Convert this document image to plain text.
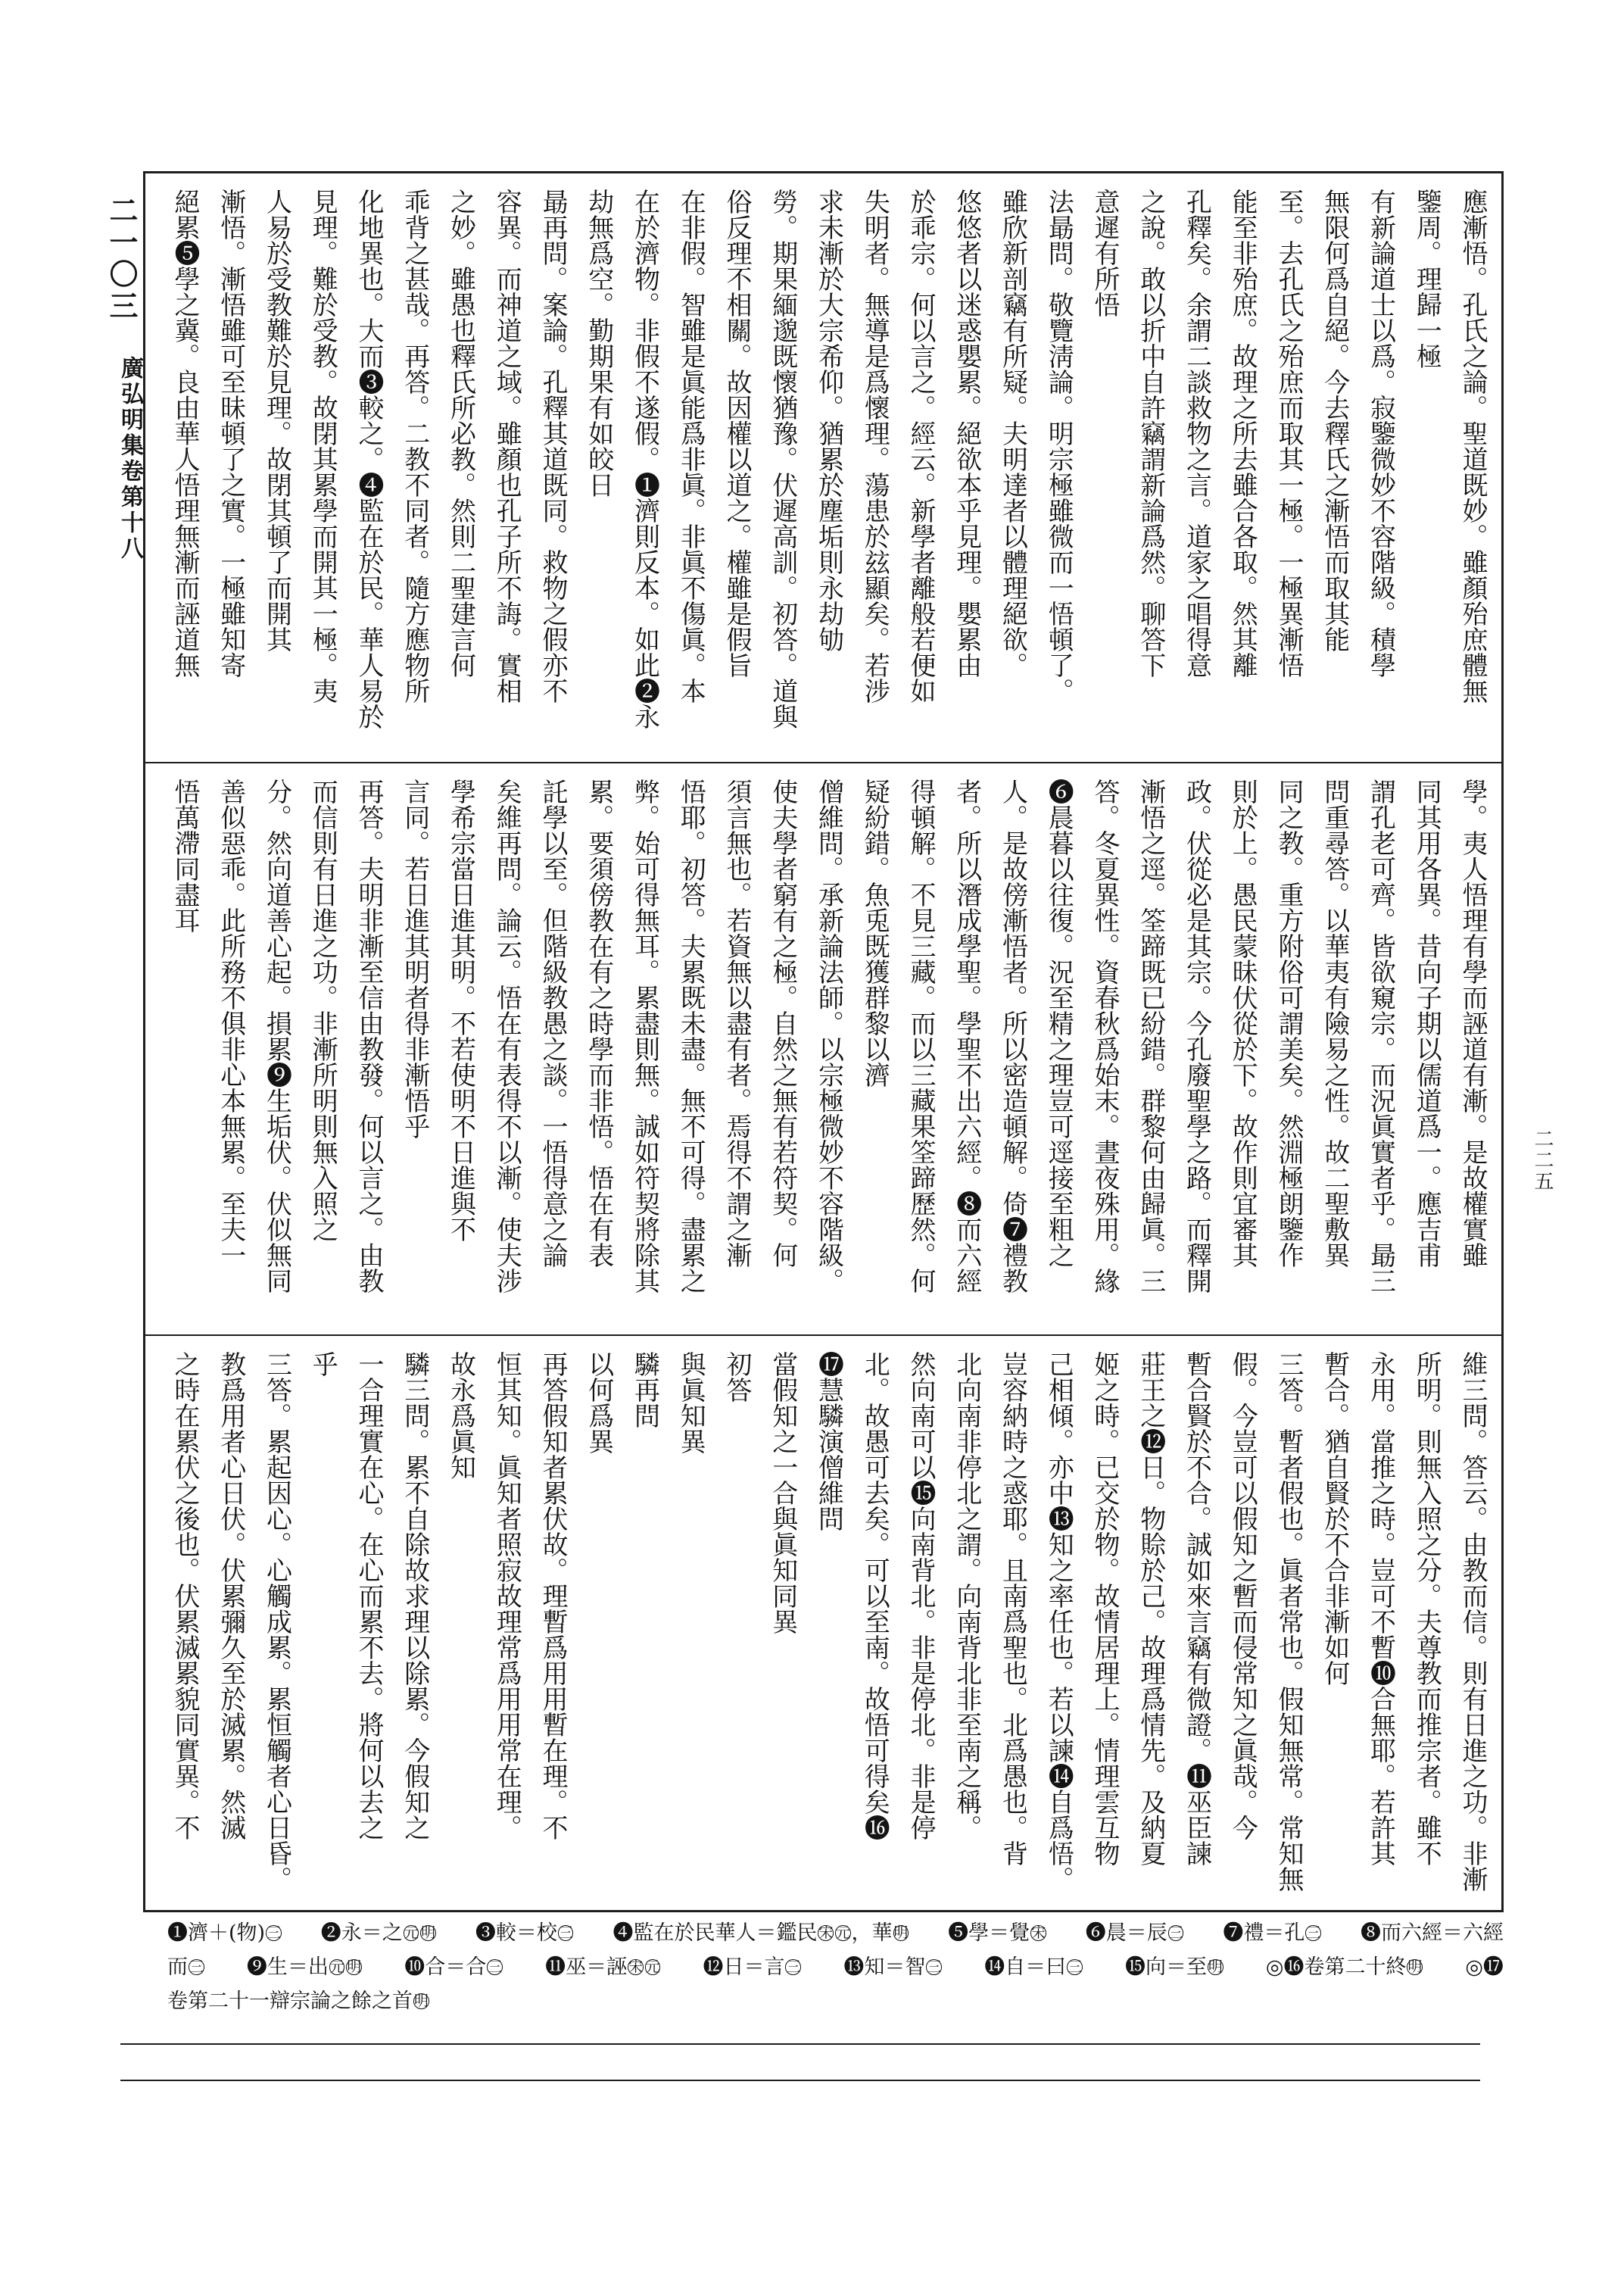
二一〇三
廣弘明集卷第十八
二二五
應漸悟。孔氏之論。聖道既妙。雖顏殆庶體無
鑒周。理歸一極
有新論道士以爲。寂鑒微妙不容階級。積學
無限何爲自絕。今去釋氏之漸悟而取其能
至。去孔氏之殆庶而取其一極。一極異漸悟
能至非殆庶。故理之所去雖合各取。然其離
孔釋矣。余謂二談救物之言。道家之唱得意
之說。敢以折中自許竊謂新論爲然。聊答下
意遲有所悟
法朂問。敬覽淸論。明宗極雖微而一悟頓了。
雖欣新剖竊有所疑。夫明達者以體理絕欲。
悠悠者以迷惑嬰累。絕欲本乎見理。嬰累由
於乖宗。何以言之。經云。新學者離般若便如
失明者。無導是爲懷理。蕩患於玆顯矣。若涉
求未漸於大宗希仰。猶累於塵垢則永劫劬
勞。期果緬邈既懷猶豫。伏遲高訓。初答。道與
俗反理不相關。故因權以道之。權雖是假旨
在非假。智雖是眞能爲非眞。非眞不傷眞。本
在於濟物。非假不遂假。❶濟則反本。如此❷永
劫無爲空。勤期果有如皎日
朂再問。案論。孔釋其道既同。救物之假亦不
容異。而神道之域。雖顏也孔子所不誨。實相
之妙。雖愚也釋氏所必教。然則二聖建言何
乖背之甚哉。再答。二教不同者。隨方應物所
化地異也。大而❸較之。❹監在於民。華人易於
見理。難於受教。故閉其累學而開其一極。夷
人易於受教難於見理。故閉其頓了而開其
漸悟。漸悟雖可至昧頓了之實。一極雖知寄
絕累❺學之冀。良由華人悟理無漸而誣道無
學。夷人悟理有學而誣道有漸。是故權實雖
同其用各異。昔向子期以儒道爲一。應吉甫
謂孔老可齊。皆欲窺宗。而況眞實者乎。朂三
問重尋答。以華夷有險易之性。故二聖敷異
同之教。重方附俗可謂美矣。然淵極朗鑒作
則於上。愚民蒙昧伏從於下。故作則宜審其
政。伏從必是其宗。今孔廢聖學之路。而釋開
漸悟之逕。筌蹄既已紛錯。群黎何由歸眞。三
答。冬夏異性。資春秋爲始末。晝夜殊用。緣
❻晨暮以往復。況至精之理豈可逕接至粗之
人。是故傍漸悟者。所以密造頓解。倚❼禮教
者。所以潛成學聖。學聖不出六經。❽而六經
得頓解。不見三藏。而以三藏果筌蹄歷然。何
疑紛錯。魚兎既獲群黎以濟
僧維問。承新論法師。以宗極微妙不容階級。
使夫學者窮有之極。自然之無有若符契。何
須言無也。若資無以盡有者。焉得不謂之漸
悟耶。初答。夫累既未盡。無不可得。盡累之
弊。始可得無耳。累盡則無。誠如符契將除其
累。要須傍教在有之時學而非悟。悟在有表
託學以至。但階級教愚之談。一悟得意之論
矣維再問。論云。悟在有表得不以漸。使夫涉
學希宗當日進其明。不若使明不日進與不
言同。若日進其明者得非漸悟乎
再答。夫明非漸至信由教發。何以言之。由教
而信則有日進之功。非漸所明則無入照之
分。然向道善心起。損累❾生垢伏。伏似無同
善似惡乖。此所務不俱非心本無累。至夫一
悟萬滯同盡耳
維三問。答云。由教而信。則有日進之功。非漸
所明。則無入照之分。夫尊教而推宗者。雖不
永用。當推之時。豈可不暫❿合無耶。若許其
暫合。猶自賢於不合非漸如何
三答。暫者假也。眞者常也。假知無常。常知無
假。今豈可以假知之暫而侵常知之眞哉。今
暫合賢於不合。誠如來言竊有微證。⓫巫臣諫
莊王之⓬日。物賒於己。故理爲情先。及納夏
姬之時。已交於物。故情居理上。情理雲互物
己相傾。亦中⓭知之率任也。若以諫⓮自爲悟。
豈容納時之惑耶。且南爲聖也。北爲愚也。背
北向南非停北之謂。向南背北非至南之稱。
然向南可以⓯向南背北。非是停北。非是停
北。故愚可去矣。可以至南。故悟可得矣⓰
⓱慧驎演僧維問
當假知之一合與眞知同異
初答
與眞知異
驎再問
以何爲異
再答假知者累伏故。理暫爲用用暫在理。不
恒其知。眞知者照寂故理常爲用用常在理。
故永爲眞知
驎三問。累不自除故求理以除累。今假知之
一合理實在心。在心而累不去。將何以去之
乎
三答。累起因心。心觸成累。累恒觸者心日昏。
教爲用者心日伏。伏累彌久至於滅累。然滅
之時在累伏之後也。伏累滅累貌同實異。不
❶濟＋(物) 三 ❷永＝之 元 明 ❸較＝校 三 ❹監在於民華人＝鑑民 宋 元，華 明 ❺學＝覺 宋 ❻晨＝辰 三 ❼禮＝孔 三 ❽而六經＝六經
而 三 ❾生＝出 元 明 ❿合＝合 三 ⓫巫＝誣 宋 元 ⓬日＝言 三 ⓭知＝智 三 ⓮自＝曰 三 ⓯向＝至 明 ◎⓰卷第二十終 明 ◎⓱
卷第二十一辯宗論之餘之首 明
